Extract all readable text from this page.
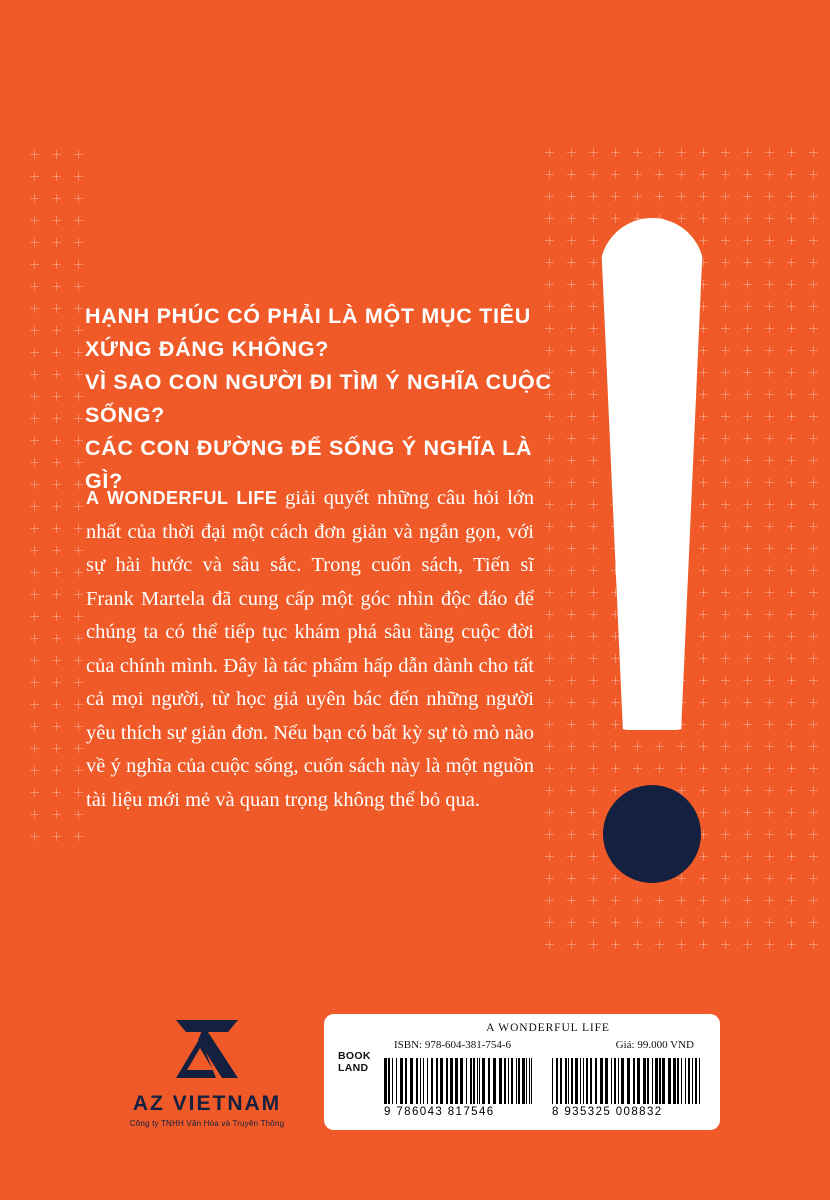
HẠNH PHÚC CÓ PHẢI LÀ MỘT MỤC TIÊU
XỨNG ĐÁNG KHÔNG?
VÌ SAO CON NGƯỜI ĐI TÌM Ý NGHĨA CUỘC
SỐNG?
CÁC CON ĐƯỜNG ĐỂ SỐNG Ý NGHĨA LÀ GÌ?
A WONDERFUL LIFE giải quyết những câu hỏi lớn nhất của thời đại một cách đơn giản và ngắn gọn, với sự hài hước và sâu sắc. Trong cuốn sách, Tiến sĩ Frank Martela đã cung cấp một góc nhìn độc đáo để chúng ta có thể tiếp tục khám phá sâu tầng cuộc đời của chính mình. Đây là tác phẩm hấp dẫn dành cho tất cả mọi người, từ học giả uyên bác đến những người yêu thích sự giản đơn. Nếu bạn có bất kỳ sự tò mò nào về ý nghĩa của cuộc sống, cuốn sách này là một nguồn tài liệu mới mẻ và quan trọng không thể bỏ qua.
AZ VIETNAM
Công ty TNHH Văn Hóa và Truyền Thông
A WONDERFUL LIFE
ISBN: 978-604-381-754-6	Giá: 99.000 VND
BOOK
LAND
9 786043 817546	8 935325 008832
